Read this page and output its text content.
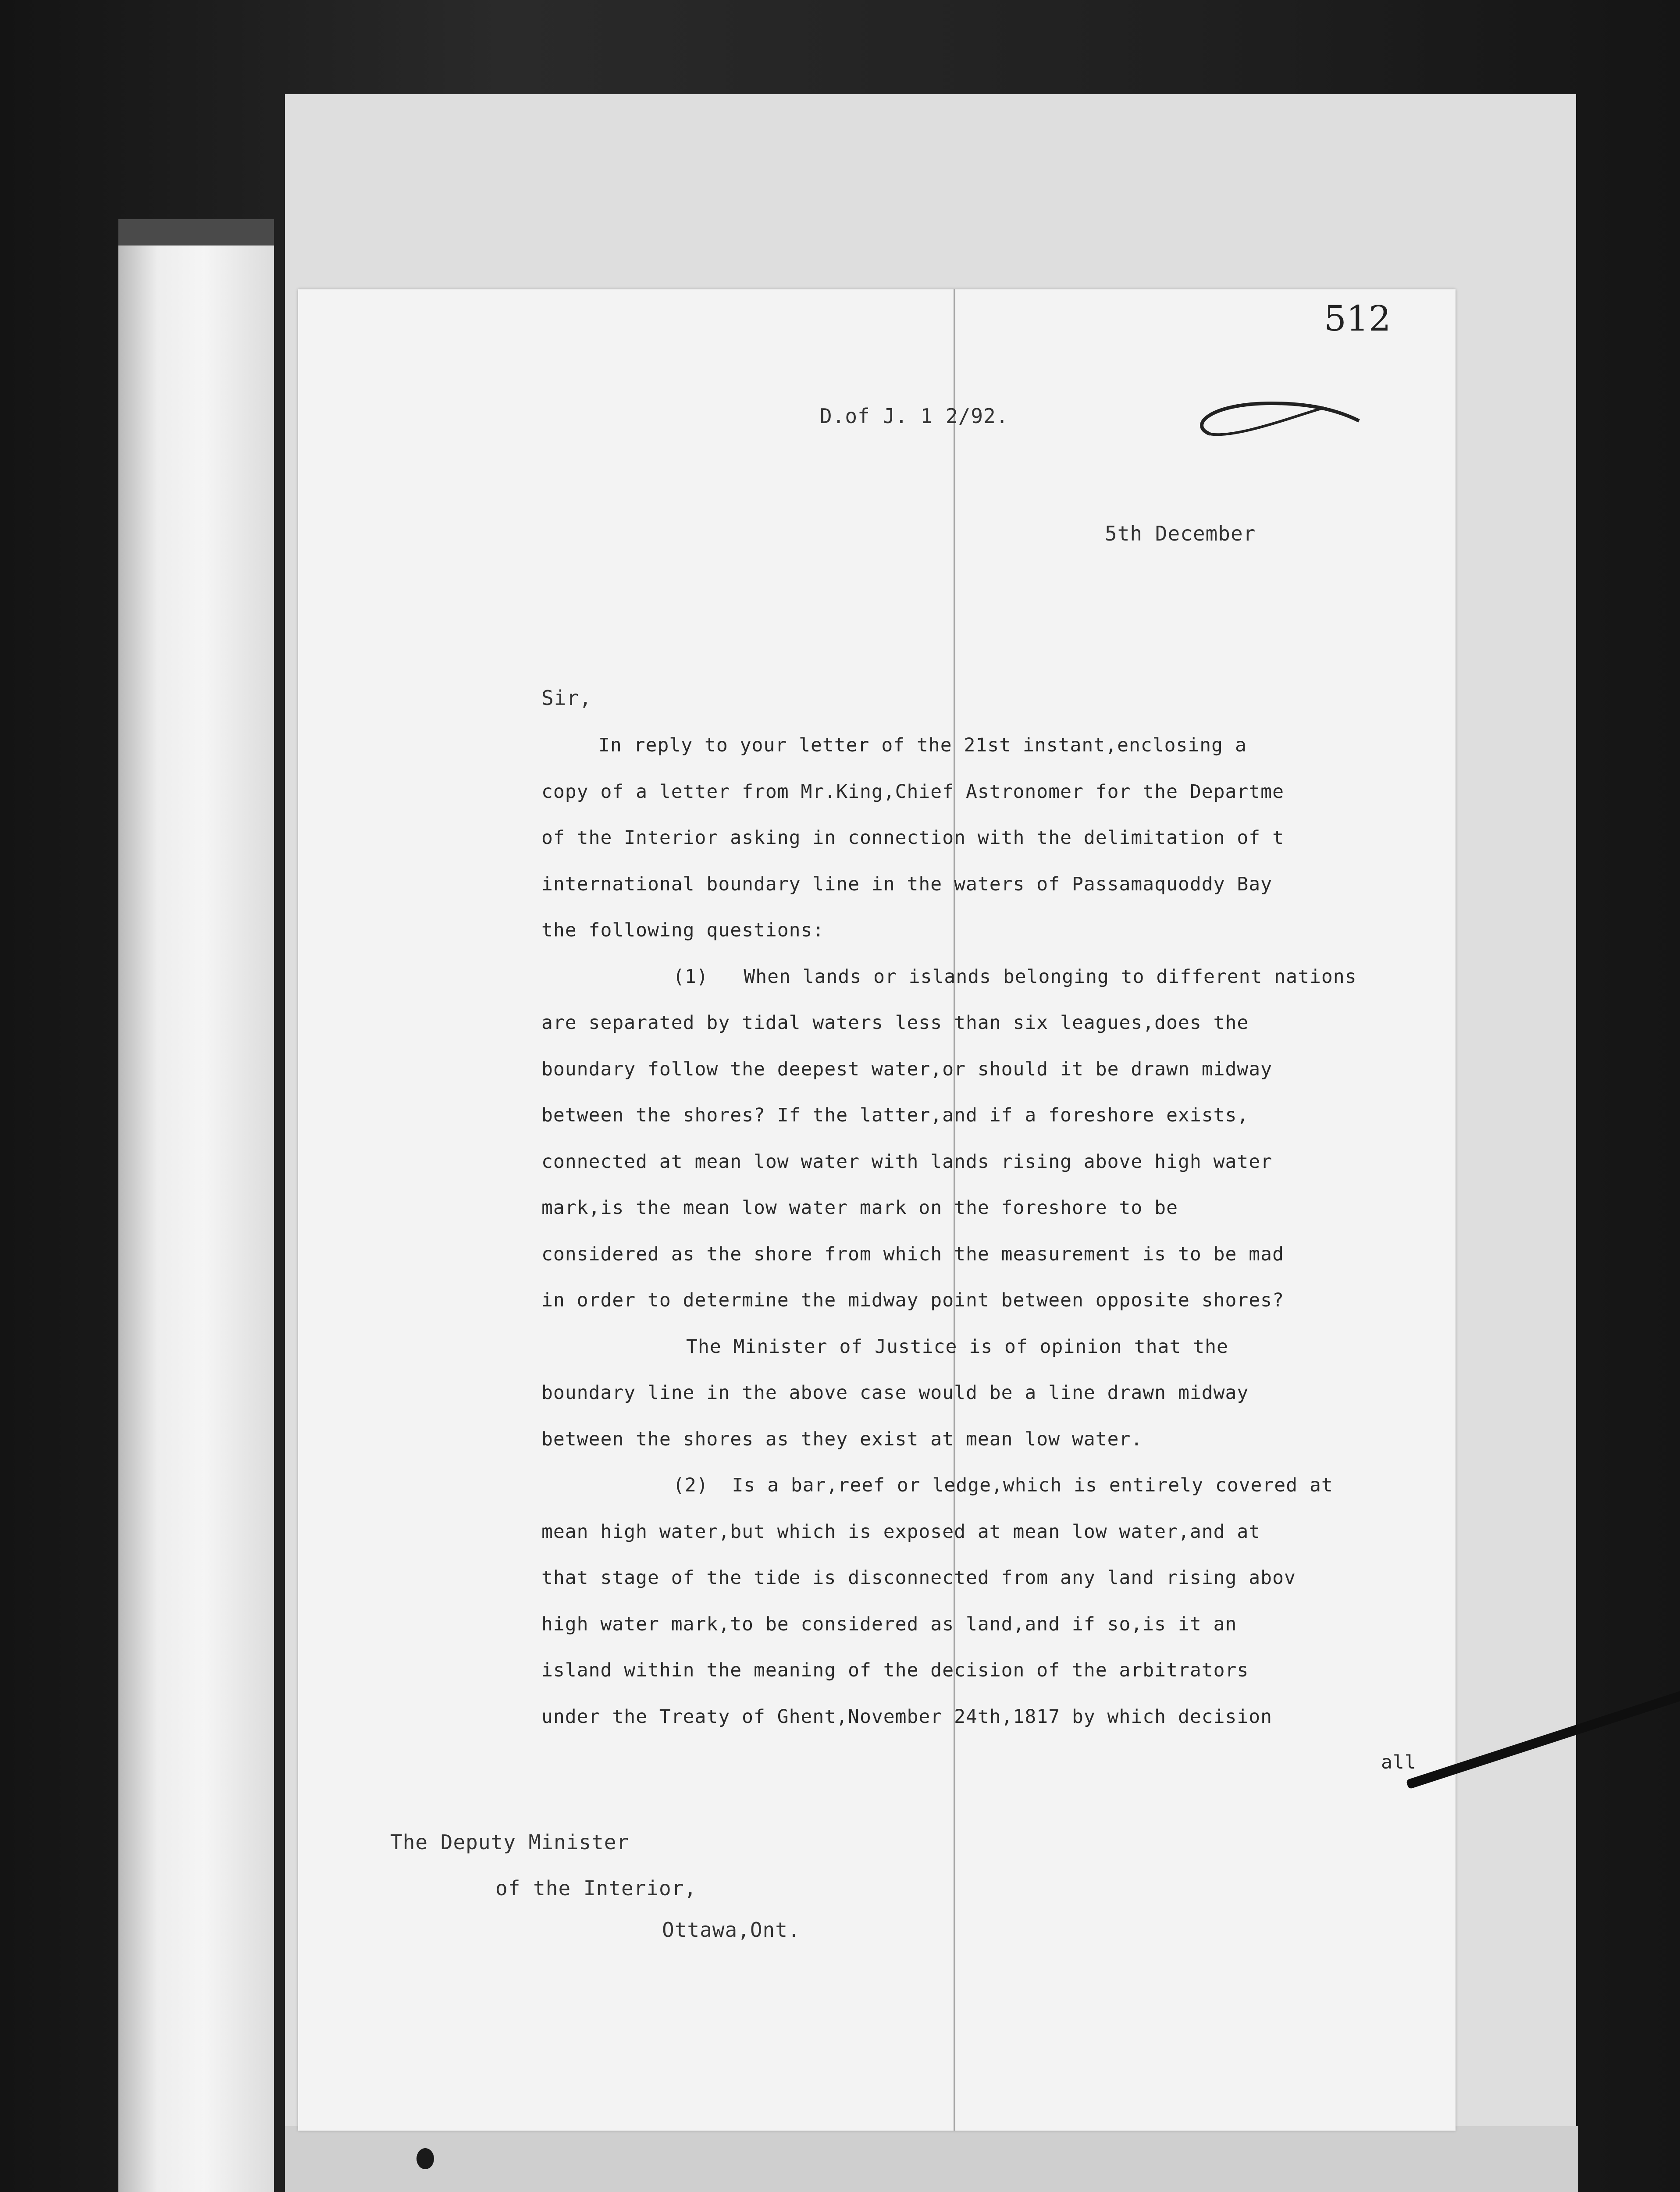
512
D.of J. 1 2/92.
5th December
Sir,
In reply to your letter of the 21st instant,enclosing a
copy of a letter from Mr.King,Chief Astronomer for the Departme
of the Interior asking in connection with the delimitation of t
international boundary line in the waters of Passamaquoddy Bay
the following questions:
(1)   When lands or islands belonging to different nations
are separated by tidal waters less than six leagues,does the
boundary follow the deepest water,or should it be drawn midway
between the shores? If the latter,and if a foreshore exists,
connected at mean low water with lands rising above high water
mark,is the mean low water mark on the foreshore to be
considered as the shore from which the measurement is to be mad
in order to determine the midway point between opposite shores?
The Minister of Justice is of opinion that the
boundary line in the above case would be a line drawn midway
between the shores as they exist at mean low water.
(2)  Is a bar,reef or ledge,which is entirely covered at
mean high water,but which is exposed at mean low water,and at
that stage of the tide is disconnected from any land rising abov
high water mark,to be considered as land,and if so,is it an
island within the meaning of the decision of the arbitrators
under the Treaty of Ghent,November 24th,1817 by which decision
all
The Deputy Minister
of the Interior,
Ottawa,Ont.
